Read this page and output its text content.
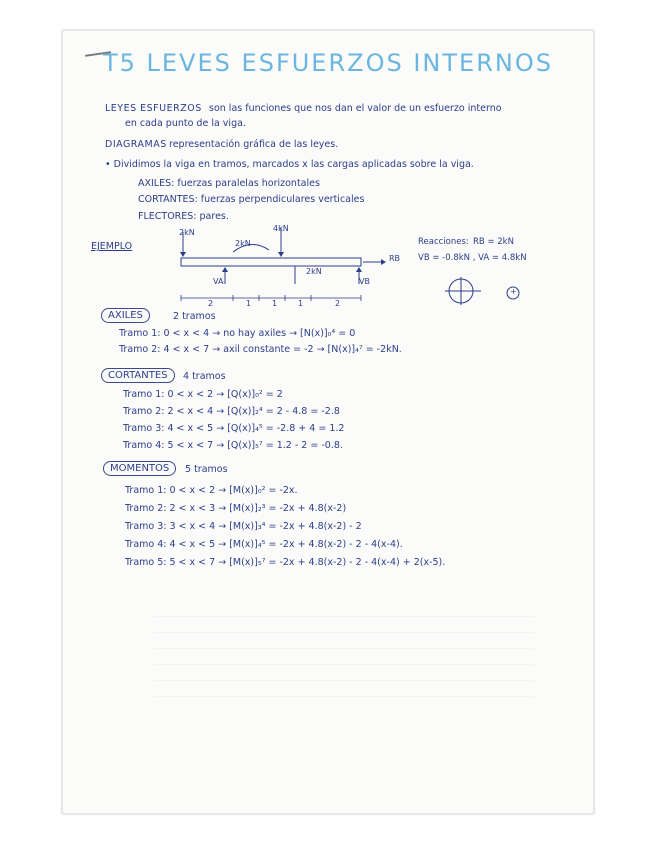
T5 LEVES ESFUERZOS INTERNOS
LEYES ESFUERZOS son las funciones que nos dan el valor de un esfuerzo interno
en cada punto de la viga.
DIAGRAMAS representación gráfica de las leyes.
• Dividimos la viga en tramos, marcados x las cargas aplicadas sobre la viga.
AXILES: fuerzas paralelas horizontales
CORTANTES: fuerzas perpendiculares verticales
FLECTORES: pares.
EJEMPLO
2kN	4kN
2kN
2kN
VA	VB
RB
2	1	1	1	2
Reacciones: RB = 2kN
VB = -0.8kN , VA = 4.8kN
+
AXILES	2 tramos
Tramo 1: 0 < x < 4 → no hay axiles → [N(x)]₀⁴ = 0
Tramo 2: 4 < x < 7 → axil constante = -2 → [N(x)]₄⁷ = -2kN.
CORTANTES	4 tramos
Tramo 1: 0 < x < 2 → [Q(x)]₀² = 2
Tramo 2: 2 < x < 4 → [Q(x)]₂⁴ = 2 - 4.8 = -2.8
Tramo 3: 4 < x < 5 → [Q(x)]₄⁵ = -2.8 + 4 = 1.2
Tramo 4: 5 < x < 7 → [Q(x)]₅⁷ = 1.2 - 2 = -0.8.
MOMENTOS	5 tramos
Tramo 1: 0 < x < 2 → [M(x)]₀² = -2x.
Tramo 2: 2 < x < 3 → [M(x)]₂³ = -2x + 4.8(x-2)
Tramo 3: 3 < x < 4 → [M(x)]₃⁴ = -2x + 4.8(x-2) - 2
Tramo 4: 4 < x < 5 → [M(x)]₄⁵ = -2x + 4.8(x-2) - 2 - 4(x-4).
Tramo 5: 5 < x < 7 → [M(x)]₅⁷ = -2x + 4.8(x-2) - 2 - 4(x-4) + 2(x-5).
